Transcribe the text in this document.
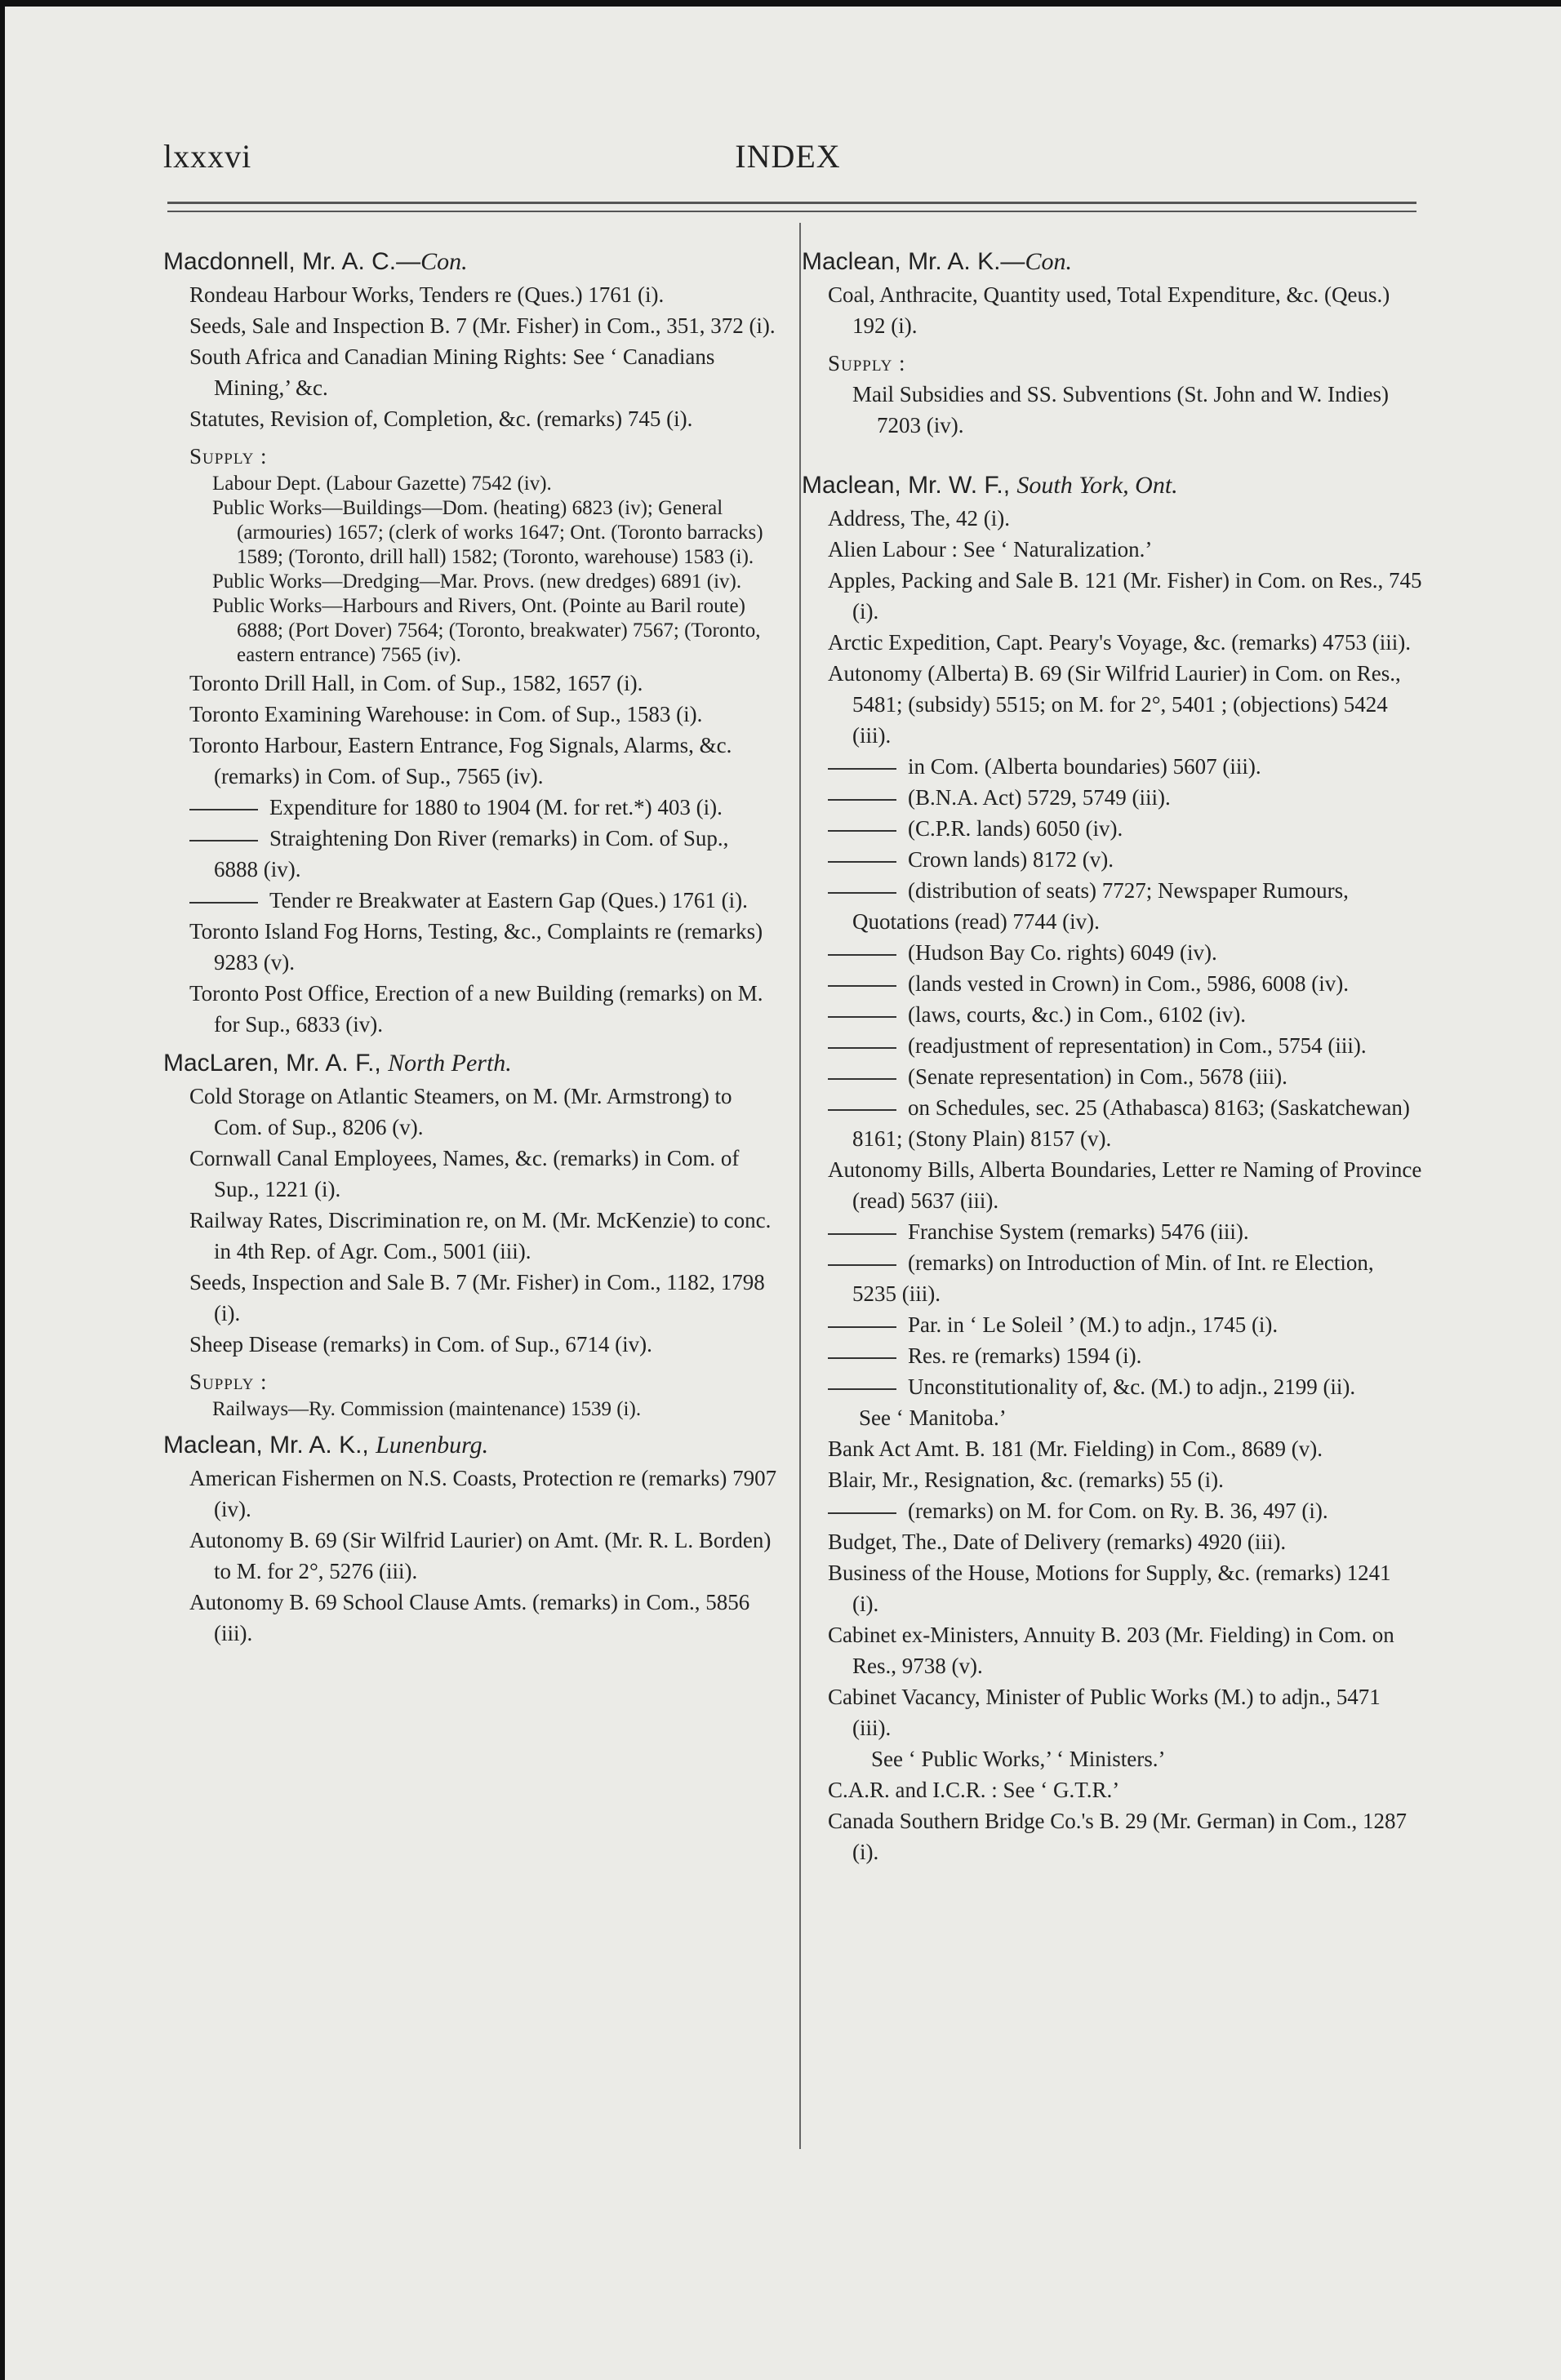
lxxxvi	INDEX
Macdonnell, Mr. A. C.—Con.
Rondeau Harbour Works, Tenders re (Ques.) 1761 (i).
Seeds, Sale and Inspection B. 7 (Mr. Fisher) in Com., 351, 372 (i).
South Africa and Canadian Mining Rights: See ‘ Canadians Mining,’ &c.
Statutes, Revision of, Completion, &c. (remarks) 745 (i).
Supply :
Labour Dept. (Labour Gazette) 7542 (iv).
Public Works—Buildings—Dom. (heating) 6823 (iv); General (armouries) 1657; (clerk of works 1647; Ont. (Toronto barracks) 1589; (Toronto, drill hall) 1582; (Toronto, warehouse) 1583 (i).
Public Works—Dredging—Mar. Provs. (new dredges) 6891 (iv).
Public Works—Harbours and Rivers, Ont. (Pointe au Baril route) 6888; (Port Dover) 7564; (Toronto, breakwater) 7567; (Toronto, eastern entrance) 7565 (iv).
Toronto Drill Hall, in Com. of Sup., 1582, 1657 (i).
Toronto Examining Warehouse: in Com. of Sup., 1583 (i).
Toronto Harbour, Eastern Entrance, Fog Signals, Alarms, &c. (remarks) in Com. of Sup., 7565 (iv).
Expenditure for 1880 to 1904 (M. for ret.*) 403 (i).
Straightening Don River (remarks) in Com. of Sup., 6888 (iv).
Tender re Breakwater at Eastern Gap (Ques.) 1761 (i).
Toronto Island Fog Horns, Testing, &c., Complaints re (remarks) 9283 (v).
Toronto Post Office, Erection of a new Building (remarks) on M. for Sup., 6833 (iv).
MacLaren, Mr. A. F., North Perth.
Cold Storage on Atlantic Steamers, on M. (Mr. Armstrong) to Com. of Sup., 8206 (v).
Cornwall Canal Employees, Names, &c. (remarks) in Com. of Sup., 1221 (i).
Railway Rates, Discrimination re, on M. (Mr. McKenzie) to conc. in 4th Rep. of Agr. Com., 5001 (iii).
Seeds, Inspection and Sale B. 7 (Mr. Fisher) in Com., 1182, 1798 (i).
Sheep Disease (remarks) in Com. of Sup., 6714 (iv).
Supply :
Railways—Ry. Commission (maintenance) 1539 (i).
Maclean, Mr. A. K., Lunenburg.
American Fishermen on N.S. Coasts, Protection re (remarks) 7907 (iv).
Autonomy B. 69 (Sir Wilfrid Laurier) on Amt. (Mr. R. L. Borden) to M. for 2°, 5276 (iii).
Autonomy B. 69 School Clause Amts. (remarks) in Com., 5856 (iii).
Maclean, Mr. A. K.—Con.
Coal, Anthracite, Quantity used, Total Expenditure, &c. (Qeus.) 192 (i).
Supply :
Mail Subsidies and SS. Subventions (St. John and W. Indies) 7203 (iv).
Maclean, Mr. W. F., South York, Ont.
Address, The, 42 (i).
Alien Labour : See ‘ Naturalization.’
Apples, Packing and Sale B. 121 (Mr. Fisher) in Com. on Res., 745 (i).
Arctic Expedition, Capt. Peary's Voyage, &c. (remarks) 4753 (iii).
Autonomy (Alberta) B. 69 (Sir Wilfrid Laurier) in Com. on Res., 5481; (subsidy) 5515; on M. for 2°, 5401 ; (objections) 5424 (iii).
in Com. (Alberta boundaries) 5607 (iii).
(B.N.A. Act) 5729, 5749 (iii).
(C.P.R. lands) 6050 (iv).
Crown lands) 8172 (v).
(distribution of seats) 7727; Newspaper Rumours, Quotations (read) 7744 (iv).
(Hudson Bay Co. rights) 6049 (iv).
(lands vested in Crown) in Com., 5986, 6008 (iv).
(laws, courts, &c.) in Com., 6102 (iv).
(readjustment of representation) in Com., 5754 (iii).
(Senate representation) in Com., 5678 (iii).
on Schedules, sec. 25 (Athabasca) 8163; (Saskatchewan) 8161; (Stony Plain) 8157 (v).
Autonomy Bills, Alberta Boundaries, Letter re Naming of Province (read) 5637 (iii).
Franchise System (remarks) 5476 (iii).
(remarks) on Introduction of Min. of Int. re Election, 5235 (iii).
Par. in ‘ Le Soleil ’ (M.) to adjn., 1745 (i).
Res. re (remarks) 1594 (i).
Unconstitutionality of, &c. (M.) to adjn., 2199 (ii).
See ‘ Manitoba.’
Bank Act Amt. B. 181 (Mr. Fielding) in Com., 8689 (v).
Blair, Mr., Resignation, &c. (remarks) 55 (i).
(remarks) on M. for Com. on Ry. B. 36, 497 (i).
Budget, The., Date of Delivery (remarks) 4920 (iii).
Business of the House, Motions for Supply, &c. (remarks) 1241 (i).
Cabinet ex-Ministers, Annuity B. 203 (Mr. Fielding) in Com. on Res., 9738 (v).
Cabinet Vacancy, Minister of Public Works (M.) to adjn., 5471 (iii).
See ‘ Public Works,’ ‘ Ministers.’
C.A.R. and I.C.R. : See ‘ G.T.R.’
Canada Southern Bridge Co.'s B. 29 (Mr. German) in Com., 1287 (i).
